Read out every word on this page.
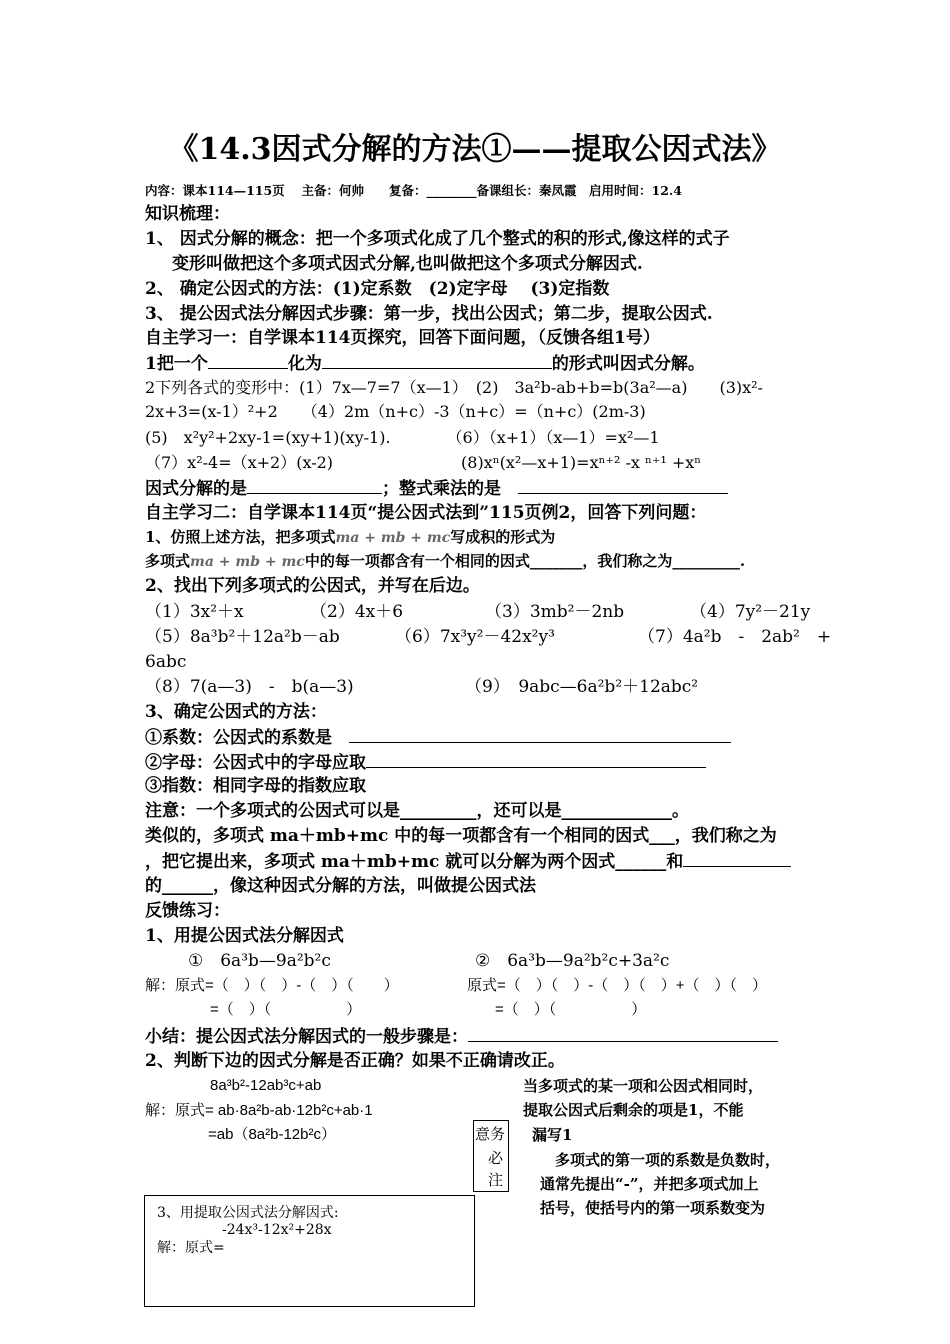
《14.3因式分解的方法①——提取公因式法》
内容：课本114—115页　 主备：何帅　　复备：________备课组长：秦凤霞　启用时间：12.4
知识梳理：
1、 因式分解的概念：把一个多项式化成了几个整式的积的形式,像这样的式子
变形叫做把这个多项式因式分解,也叫做把这个多项式分解因式.
2、 确定公因式的方法：(1)定系数　(2)定字母　 (3)定指数
3、 提公因式法分解因式步骤：第一步，找出公因式；第二步，提取公因式.
自主学习一：自学课本114页探究，回答下面问题，（反馈各组1号）
1把一个	化为	的形式叫因式分解。
2下列各式的变形中：(1）7x—7=7（x—1）　(2)　3a²b-ab+b=b(3a²—a)　　(3)x²-
2x+3=(x-1）²+2　　（4）2m（n+c）-3（n+c）=（n+c）(2m-3)
(5)　x²y²+2xy-1=(xy+1)(xy-1).　　　　（6）（x+1）（x—1）=x²—1
（7）x²-4=（x+2）(x-2)　　　　　　　　(8)xⁿ(x²—x+1)=xⁿ⁺² -x ⁿ⁺¹ +xⁿ
因式分解的是	；整式乘法的是　
自主学习二：自学课本114页“提公因式法到”115页例2，回答下列问题：
1、仿照上述方法，把多项式ma + mb + mc写成积的形式为
多项式ma + mb + mc中的每一项都含有一个相同的因式_______，我们称之为_________.
2、找出下列多项式的公因式，并写在后边。
（1）3x²＋x	（2）4x＋6	（3）3mb²－2nb	（4）7y²－21y
（5）8a³b²＋12a²b－ab	（6）7x³y²－42x²y³	（7）4a²b　-　2ab²　+
6abc
（8）7(a—3)　-　b(a—3)	（9）　9abc—6a²b²＋12abc²
3、确定公因式的方法：
①系数：公因式的系数是　
②字母：公因式中的字母应取
③指数：相同字母的指数应取
注意：一个多项式的公因式可以是_________，还可以是_____________。
类似的，多项式 ma＋mb+mc 中的每一项都含有一个相同的因式___，我们称之为
，把它提出来，多项式 ma＋mb+mc 就可以分解为两个因式______和
的______，像这种因式分解的方法，叫做提公因式法
反馈练习：
1、用提公因式法分解因式
①　6a³b—9a²b²c	②　6a³b—9a²b²c+3a²c
解：原式=（　）（　）-（　）（　　）	原式=（　）（　）-（　）（　）+（　）（　）
=（　）（　　　　　）	=（　）（　　　　　）
小结：提公因式法分解因式的一般步骤是：
2、判断下边的因式分解是否正确？如果不正确请改正。
8a³b²-12ab³c+ab
解：原式= ab·8a²b-ab·12b²c+ab·1
=ab（8a²b-12b²c）
当多项式的某一项和公因式相同时，
提取公因式后剩余的项是1，不能
漏写1
多项式的第一项的系数是负数时，
通常先提出“-”，并把多项式加上
括号，使括号内的第一项系数变为
意务
必
注
3、用提取公因式法分解因式:
-24x³-12x²+28x
解：原式=
